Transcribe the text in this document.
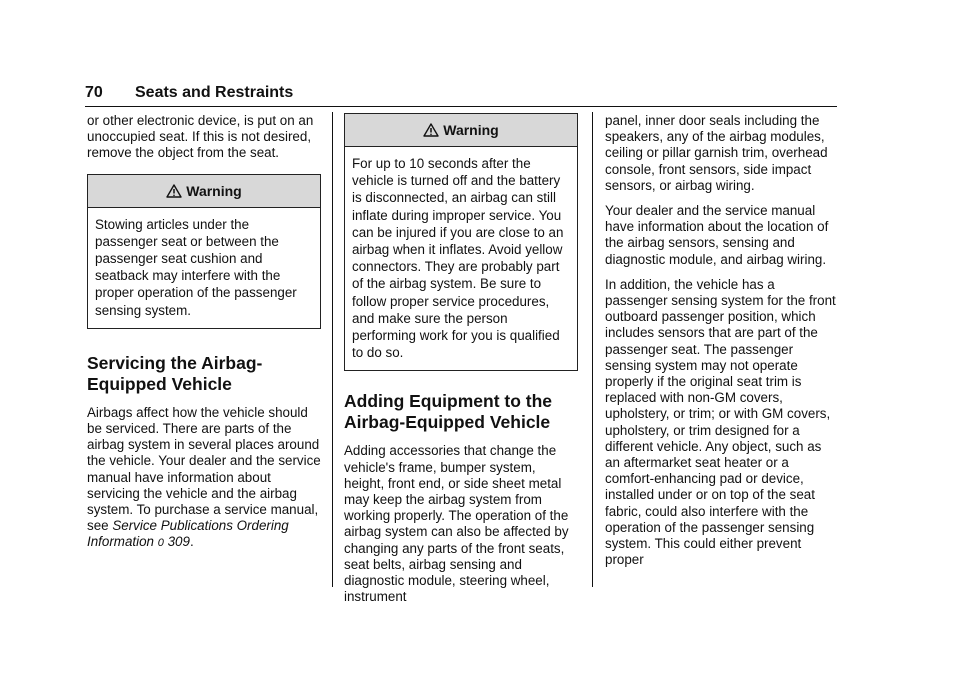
70 Seats and Restraints

or other electronic device, is put on an unoccupied seat. If this is not desired, remove the object from the seat.

Warning
Stowing articles under the passenger seat or between the passenger seat cushion and seatback may interfere with the proper operation of the passenger sensing system.
Servicing the Airbag-Equipped Vehicle

Airbags affect how the vehicle should be serviced. There are parts of the airbag system in several places around the vehicle. Your dealer and the service manual have information about servicing the vehicle and the airbag system. To purchase a service manual, see Service Publications Ordering Information 0 309.

Warning
For up to 10 seconds after the vehicle is turned off and the battery is disconnected, an airbag can still inflate during improper service. You can be injured if you are close to an airbag when it inflates. Avoid yellow connectors. They are probably part of the airbag system. Be sure to follow proper service procedures, and make sure the person performing work for you is qualified to do so.
Adding Equipment to the Airbag-Equipped Vehicle

Adding accessories that change the vehicle's frame, bumper system, height, front end, or side sheet metal may keep the airbag system from working properly. The operation of the airbag system can also be affected by changing any parts of the front seats, seat belts, airbag sensing and diagnostic module, steering wheel, instrument

panel, inner door seals including the speakers, any of the airbag modules, ceiling or pillar garnish trim, overhead console, front sensors, side impact sensors, or airbag wiring.

Your dealer and the service manual have information about the location of the airbag sensors, sensing and diagnostic module, and airbag wiring.

In addition, the vehicle has a passenger sensing system for the front outboard passenger position, which includes sensors that are part of the passenger seat. The passenger sensing system may not operate properly if the original seat trim is replaced with non-GM covers, upholstery, or trim; or with GM covers, upholstery, or trim designed for a different vehicle. Any object, such as an aftermarket seat heater or a comfort-enhancing pad or device, installed under or on top of the seat fabric, could also interfere with the operation of the passenger sensing system. This could either prevent proper
